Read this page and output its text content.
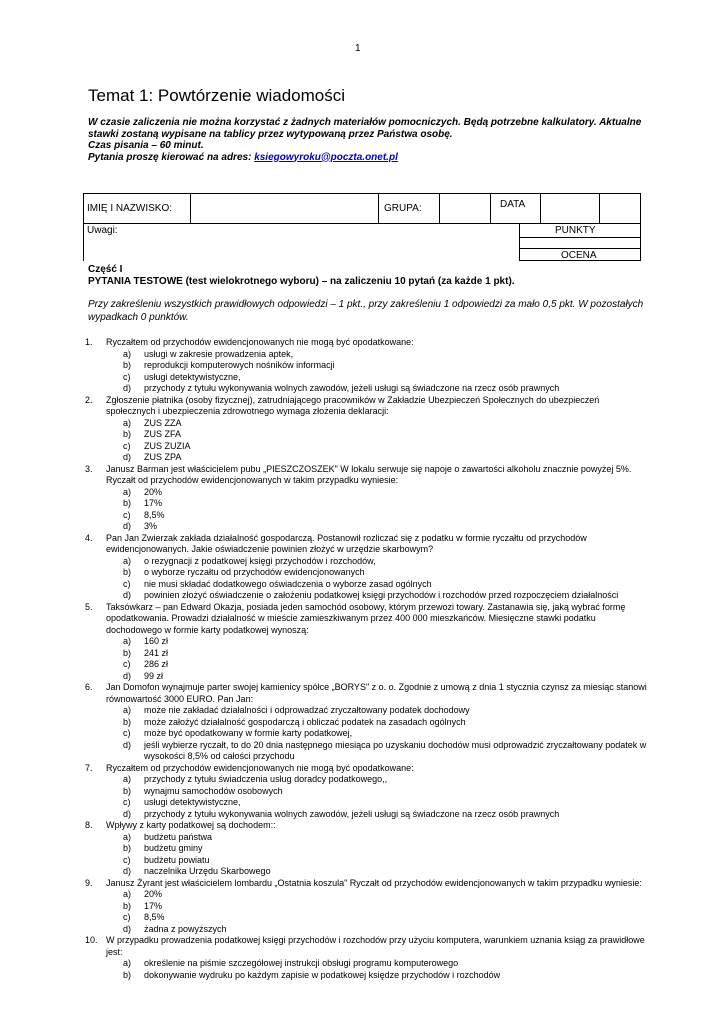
1
Temat 1: Powtórzenie wiadomości
W czasie zaliczenia nie można korzystać z żadnych materiałów pomocniczych. Będą potrzebne kalkulatory. Aktualne stawki zostaną wypisane na tablicy przez wytypowaną przez Państwa osobę.
Czas pisania – 60 minut.
Pytania proszę kierować na adres: ksiegowyroku@poczta.onet.pl
IMIĘ I NAZWISKO:	GRUPA:	DATA
Uwagi:	PUNKTY
OCENA
Część I
PYTANIA TESTOWE (test wielokrotnego wyboru) – na zaliczeniu 10 pytań (za każde 1 pkt).
Przy zakreśleniu wszystkich prawidłowych odpowiedzi – 1 pkt., przy zakreśleniu 1 odpowiedzi za mało 0,5 pkt. W pozostałych wypadkach 0 punktów.
1.	Ryczałtem od przychodów ewidencjonowanych nie mogą być opodatkowane:
a) usługi w zakresie prowadzenia aptek,
b) reprodukcji komputerowych nośników informacji
c) usługi detektywistyczne,
d) przychody z tytułu wykonywania wolnych zawodów, jeżeli usługi są świadczone na rzecz osób prawnych
2.	Zgłoszenie płatnika (osoby fizycznej), zatrudniającego pracowników w Zakładzie Ubezpieczeń Społecznych do ubezpieczeń społecznych i ubezpieczenia zdrowotnego wymaga złożenia deklaracji:
a) ZUS ZZA
b) ZUS ZFA
c) ZUS ZUZIA
d) ZUS ZPA
3.	Janusz Barman jest właścicielem pubu „PIESZCZOSZEK" W lokalu serwuje się napoje o zawartości alkoholu znacznie powyżej 5%. Ryczałt od przychodów ewidencjonowanych w takim przypadku wyniesie:
a) 20%
b) 17%
c) 8,5%
d) 3%
4.	Pan Jan Zwierzak zakłada działalność gospodarczą. Postanowił rozliczać się z podatku w formie ryczałtu od przychodów ewidencjonowanych. Jakie oświadczenie powinien złożyć w urzędzie skarbowym?
a) o rezygnacji z podatkowej księgi przychodów i rozchodów,
b) o wyborze ryczałtu od przychodów ewidencjonowanych
c) nie musi składać dodatkowego oświadczenia o wyborze zasad ogólnych
d) powinien złożyć oświadczenie o założeniu podatkowej księgi przychodów i rozchodów przed rozpoczęciem działalności
5.	Taksówkarz – pan Edward Okazja, posiada jeden samochód osobowy, którym przewozi towary. Zastanawia się, jaką wybrać formę opodatkowania. Prowadzi działalność w mieście zamieszkiwanym przez 400 000 mieszkańców. Miesięczne stawki podatku dochodowego w formie karty podatkowej wynoszą:
a) 160 zł
b) 241 zł
c) 286 zł
d) 99 zł
6.	Jan Domofon wynajmuje parter swojej kamienicy spółce „BORYS" z o. o. Zgodnie z umową z dnia 1 stycznia czynsz za miesiąc stanowi równowartość 3000 EURO. Pan Jan:
a) może nie zakładać działalności i odprowadzać zryczałtowany podatek dochodowy
b) może założyć działalność gospodarczą i obliczać podatek na zasadach ogólnych
c) może być opodatkowany w formie karty podatkowej,
d) jeśli wybierze ryczałt, to do 20 dnia następnego miesiąca po uzyskaniu dochodów musi odprowadzić zryczałtowany podatek w wysokości 8,5% od całości przychodu
7.	Ryczałtem od przychodów ewidencjonowanych nie mogą być opodatkowane:
a) przychody z tytułu świadczenia usług doradcy podatkowego,,
b) wynajmu samochodów osobowych
c) usługi detektywistyczne,
d) przychody z tytułu wykonywania wolnych zawodów, jeżeli usługi są świadczone na rzecz osób prawnych
8.	Wpływy z karty podatkowej są dochodem::
a) budżetu państwa
b) budżetu gminy
c) budżetu powiatu
d) naczelnika Urzędu Skarbowego
9.	Janusz Żyrant jest właścicielem lombardu „Ostatnia koszula" Ryczałt od przychodów ewidencjonowanych w takim przypadku wyniesie:
a) 20%
b) 17%
c) 8,5%
d) żadna z powyższych
10. W przypadku prowadzenia podatkowej księgi przychodów i rozchodów przy użyciu komputera, warunkiem uznania ksiąg za prawidłowe jest:
a) określenie na piśmie szczegółowej instrukcji obsługi programu komputerowego
b) dokonywanie wydruku po każdym zapisie w podatkowej księdze przychodów i rozchodów
